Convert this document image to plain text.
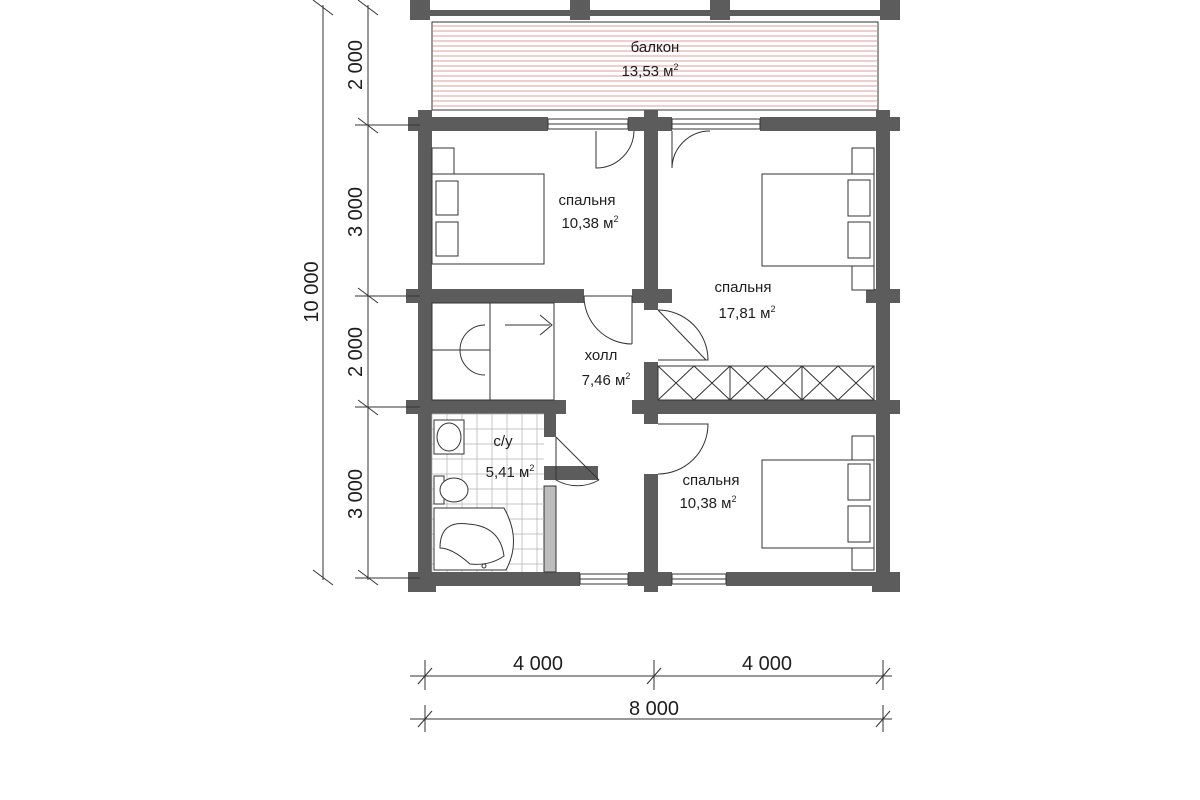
балкон
13,53 $м^2$
спальня
10,38 $м^2$
спальня
17,81 $м^2$
холл
7,46 $м^2$
с/у
5,41 $м^2$
спальня
10,38 $м^2$
2 000
3 000
2 000
3 000
10 000
4 000	4 000
8 000
